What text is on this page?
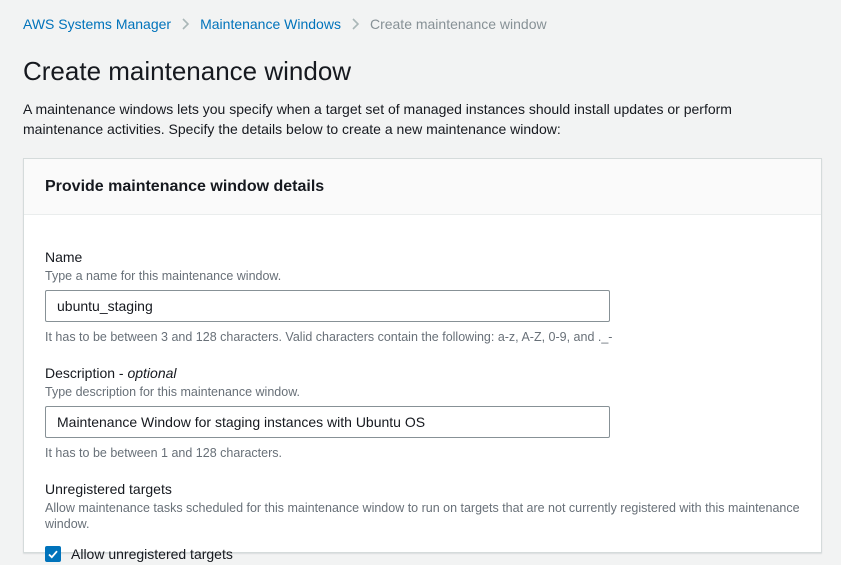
AWS Systems Manager Maintenance Windows Create maintenance window
Create maintenance window

A maintenance windows lets you specify when a target set of managed instances should install updates or perform maintenance activities. Specify the details below to create a new maintenance window:

Provide maintenance window details
Name
Type a name for this maintenance window.
ubuntu_staging
It has to be between 3 and 128 characters. Valid characters contain the following: a-z, A-Z, 0-9, and ._-
Description - optional
Type description for this maintenance window.
Maintenance Window for staging instances with Ubuntu OS
It has to be between 1 and 128 characters.
Unregistered targets
Allow maintenance tasks scheduled for this maintenance window to run on targets that are not currently registered with this maintenance window.
Allow unregistered targets
